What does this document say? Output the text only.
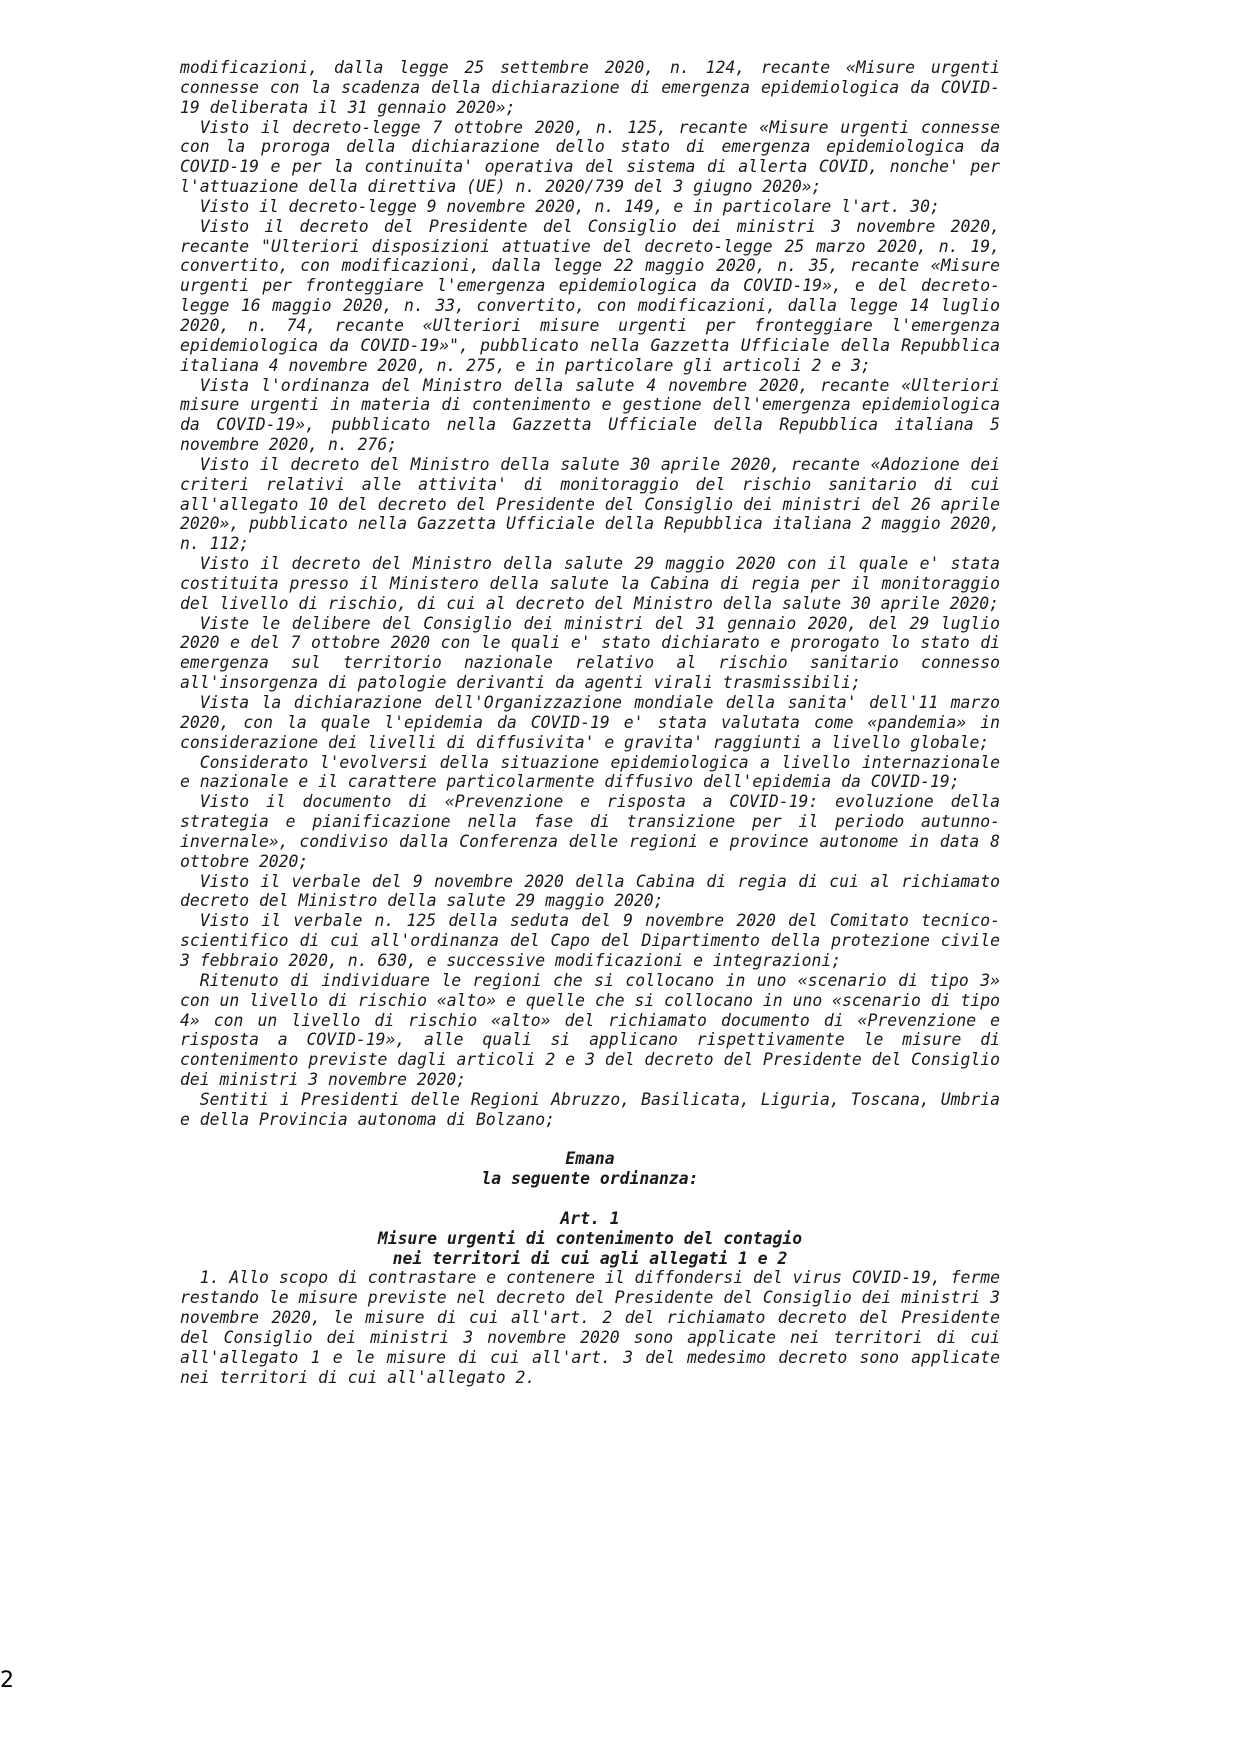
modificazioni, dalla legge 25 settembre 2020, n. 124, recante «Misure urgenti connesse con la scadenza della dichiarazione di emergenza epidemiologica da COVID-19 deliberata il 31 gennaio 2020»;

Visto il decreto-legge 7 ottobre 2020, n. 125, recante «Misure urgenti connesse con la proroga della dichiarazione dello stato di emergenza epidemiologica da COVID-19 e per la continuita' operativa del sistema di allerta COVID, nonche' per l'attuazione della direttiva (UE) n. 2020/739 del 3 giugno 2020»;

Visto il decreto-legge 9 novembre 2020, n. 149, e in particolare l'art. 30;

Visto il decreto del Presidente del Consiglio dei ministri 3 novembre 2020, recante "Ulteriori disposizioni attuative del decreto-legge 25 marzo 2020, n. 19, convertito, con modificazioni, dalla legge 22 maggio 2020, n. 35, recante «Misure urgenti per fronteggiare l'emergenza epidemiologica da COVID-19», e del decreto-legge 16 maggio 2020, n. 33, convertito, con modificazioni, dalla legge 14 luglio 2020, n. 74, recante «Ulteriori misure urgenti per fronteggiare l'emergenza epidemiologica da COVID-19»", pubblicato nella Gazzetta Ufficiale della Repubblica italiana 4 novembre 2020, n. 275, e in particolare gli articoli 2 e 3;

Vista l'ordinanza del Ministro della salute 4 novembre 2020, recante «Ulteriori misure urgenti in materia di contenimento e gestione dell'emergenza epidemiologica da COVID-19», pubblicato nella Gazzetta Ufficiale della Repubblica italiana 5 novembre 2020, n. 276;

Visto il decreto del Ministro della salute 30 aprile 2020, recante «Adozione dei criteri relativi alle attivita' di monitoraggio del rischio sanitario di cui all'allegato 10 del decreto del Presidente del Consiglio dei ministri del 26 aprile 2020», pubblicato nella Gazzetta Ufficiale della Repubblica italiana 2 maggio 2020, n. 112;

Visto il decreto del Ministro della salute 29 maggio 2020 con il quale e' stata costituita presso il Ministero della salute la Cabina di regia per il monitoraggio del livello di rischio, di cui al decreto del Ministro della salute 30 aprile 2020;

Viste le delibere del Consiglio dei ministri del 31 gennaio 2020, del 29 luglio 2020 e del 7 ottobre 2020 con le quali e' stato dichiarato e prorogato lo stato di emergenza sul territorio nazionale relativo al rischio sanitario connesso all'insorgenza di patologie derivanti da agenti virali trasmissibili;

Vista la dichiarazione dell'Organizzazione mondiale della sanita' dell'11 marzo 2020, con la quale l'epidemia da COVID-19 e' stata valutata come «pandemia» in considerazione dei livelli di diffusivita' e gravita' raggiunti a livello globale;

Considerato l'evolversi della situazione epidemiologica a livello internazionale e nazionale e il carattere particolarmente diffusivo dell'epidemia da COVID-19;

Visto il documento di «Prevenzione e risposta a COVID-19: evoluzione della strategia e pianificazione nella fase di transizione per il periodo autunno-invernale», condiviso dalla Conferenza delle regioni e province autonome in data 8 ottobre 2020;

Visto il verbale del 9 novembre 2020 della Cabina di regia di cui al richiamato decreto del Ministro della salute 29 maggio 2020;

Visto il verbale n. 125 della seduta del 9 novembre 2020 del Comitato tecnico-scientifico di cui all'ordinanza del Capo del Dipartimento della protezione civile 3 febbraio 2020, n. 630, e successive modificazioni e integrazioni;

Ritenuto di individuare le regioni che si collocano in uno «scenario di tipo 3» con un livello di rischio «alto» e quelle che si collocano in uno «scenario di tipo 4» con un livello di rischio «alto» del richiamato documento di «Prevenzione e risposta a COVID-19», alle quali si applicano rispettivamente le misure di contenimento previste dagli articoli 2 e 3 del decreto del Presidente del Consiglio dei ministri 3 novembre 2020;

Sentiti i Presidenti delle Regioni Abruzzo, Basilicata, Liguria, Toscana, Umbria e della Provincia autonoma di Bolzano;

Emana

la seguente ordinanza:

Art. 1

Misure urgenti di contenimento del contagio

nei territori di cui agli allegati 1 e 2

1. Allo scopo di contrastare e contenere il diffondersi del virus COVID-19, ferme restando le misure previste nel decreto del Presidente del Consiglio dei ministri 3 novembre 2020, le misure di cui all'art. 2 del richiamato decreto del Presidente del Consiglio dei ministri 3 novembre 2020 sono applicate nei territori di cui all'allegato 1 e le misure di cui all'art. 3 del medesimo decreto sono applicate nei territori di cui all'allegato 2.

2
